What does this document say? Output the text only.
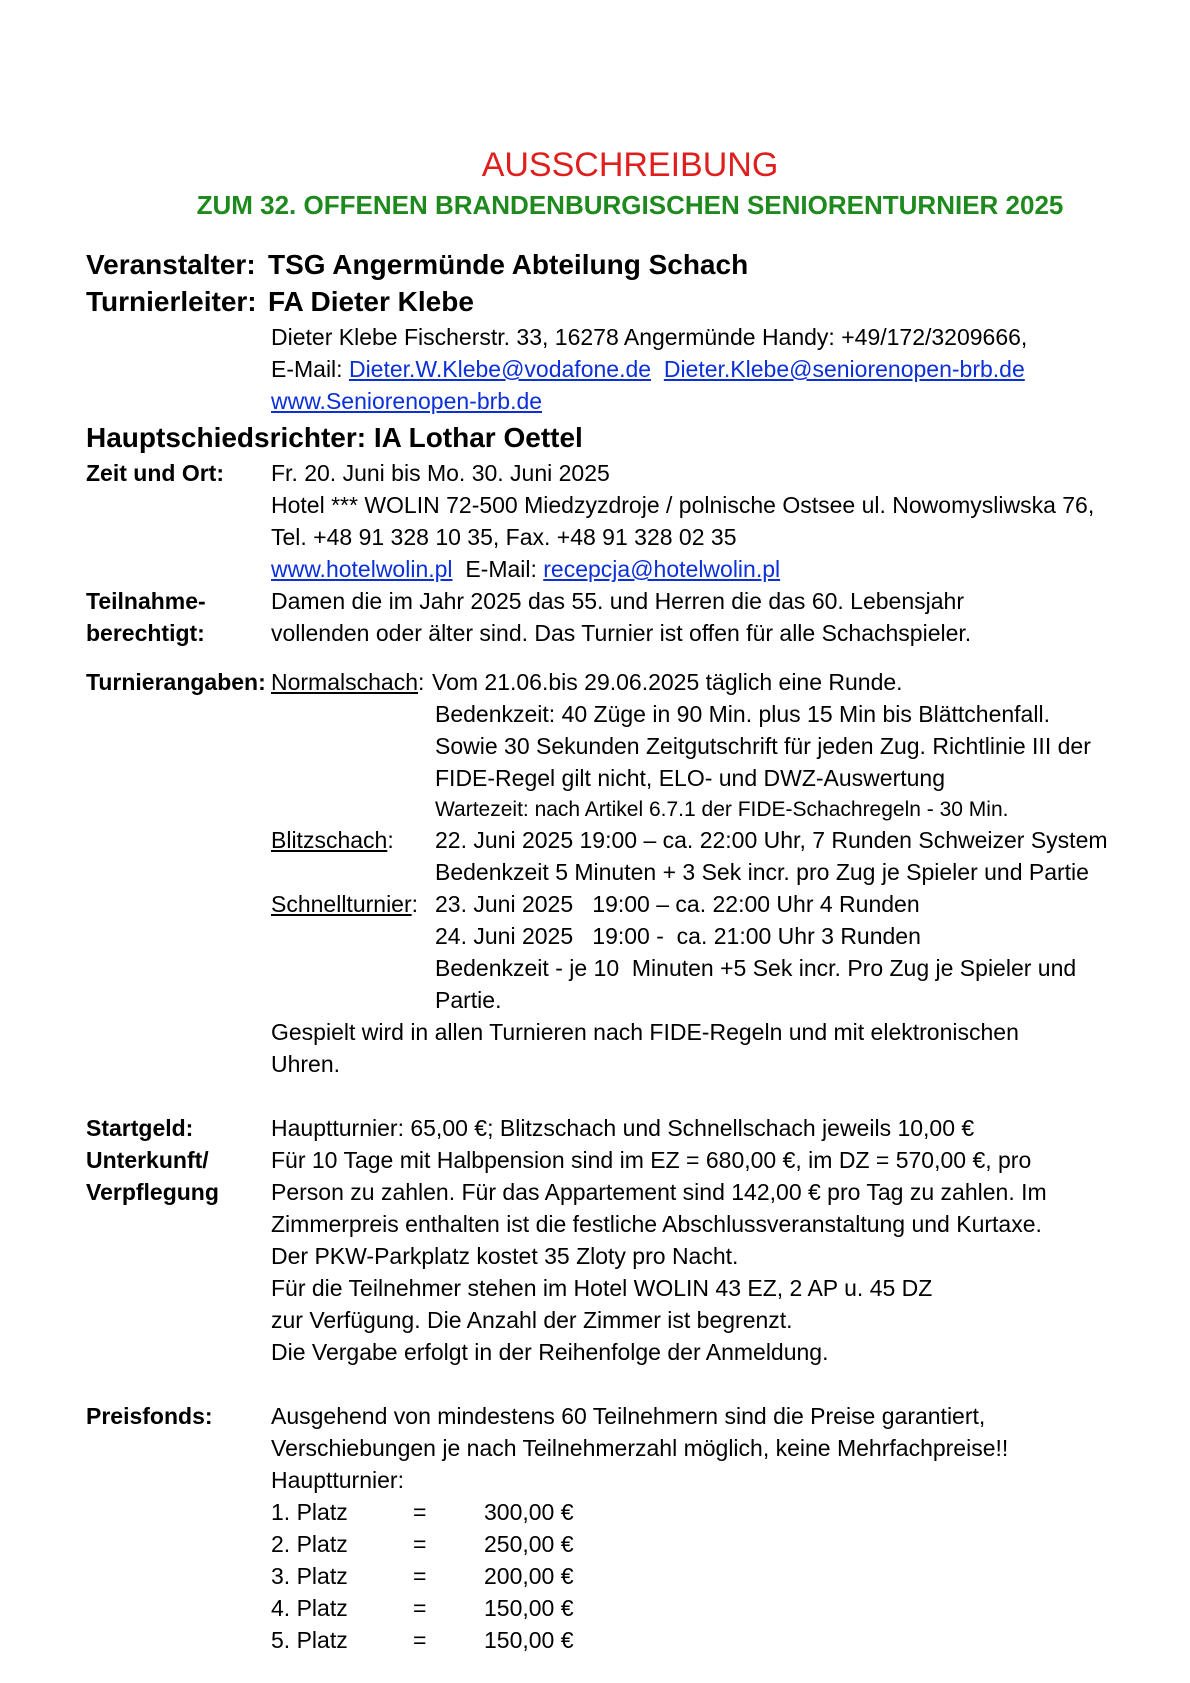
AUSSCHREIBUNG
ZUM 32. OFFENEN BRANDENBURGISCHEN SENIORENTURNIER 2025
Veranstalter: TSG Angermünde Abteilung Schach
Turnierleiter: FA Dieter Klebe
Dieter Klebe Fischerstr. 33, 16278 Angermünde Handy: +49/172/3209666,
E-Mail: Dieter.W.Klebe@vodafone.de Dieter.Klebe@seniorenopen-brb.de
www.Seniorenopen-brb.de
Hauptschiedsrichter: IA Lothar Oettel
Zeit und Ort: Fr. 20. Juni bis Mo. 30. Juni 2025
Hotel *** WOLIN 72-500 Miedzyzdroje / polnische Ostsee ul. Nowomysliwska 76,
Tel. +48 91 328 10 35, Fax. +48 91 328 02 35
www.hotelwolin.pl E-Mail: recepcja@hotelwolin.pl
Teilnahme-
berechtigt:
Damen die im Jahr 2025 das 55. und Herren die das 60. Lebensjahr
vollenden oder älter sind. Das Turnier ist offen für alle Schachspieler.
Turnierangaben: Normalschach: Vom 21.06.bis 29.06.2025 täglich eine Runde.
Bedenkzeit: 40 Züge in 90 Min. plus 15 Min bis Blättchenfall.
Sowie 30 Sekunden Zeitgutschrift für jeden Zug. Richtlinie III der
FIDE-Regel gilt nicht, ELO- und DWZ-Auswertung
Wartezeit: nach Artikel 6.7.1 der FIDE-Schachregeln - 30 Min.
Blitzschach: 22. Juni 2025 19:00 – ca. 22:00 Uhr, 7 Runden Schweizer System
Bedenkzeit 5 Minuten + 3 Sek incr. pro Zug je Spieler und Partie
Schnellturnier: 23. Juni 2025   19:00 – ca. 22:00 Uhr 4 Runden
24. Juni 2025   19:00 -  ca. 21:00 Uhr 3 Runden
Bedenkzeit - je 10  Minuten +5 Sek incr. Pro Zug je Spieler und
Partie.
Gespielt wird in allen Turnieren nach FIDE-Regeln und mit elektronischen
Uhren.
Startgeld:	Hauptturnier: 65,00 €; Blitzschach und Schnellschach jeweils 10,00 €
Unterkunft/
Verpflegung
Für 10 Tage mit Halbpension sind im EZ = 680,00 €, im DZ = 570,00 €, pro
Person zu zahlen. Für das Appartement sind 142,00 € pro Tag zu zahlen. Im
Zimmerpreis enthalten ist die festliche Abschlussveranstaltung und Kurtaxe.
Der PKW-Parkplatz kostet 35 Zloty pro Nacht.
Für die Teilnehmer stehen im Hotel WOLIN 43 EZ, 2 AP u. 45 DZ
zur Verfügung. Die Anzahl der Zimmer ist begrenzt.
Die Vergabe erfolgt in der Reihenfolge der Anmeldung.
Preisfonds:	Ausgehend von mindestens 60 Teilnehmern sind die Preise garantiert,
Verschiebungen je nach Teilnehmerzahl möglich, keine Mehrfachpreise!!
Hauptturnier:
1. Platz	=	300,00 €
2. Platz	=	250,00 €
3. Platz	=	200,00 €
4. Platz	=	150,00 €
5. Platz	=	150,00 €
